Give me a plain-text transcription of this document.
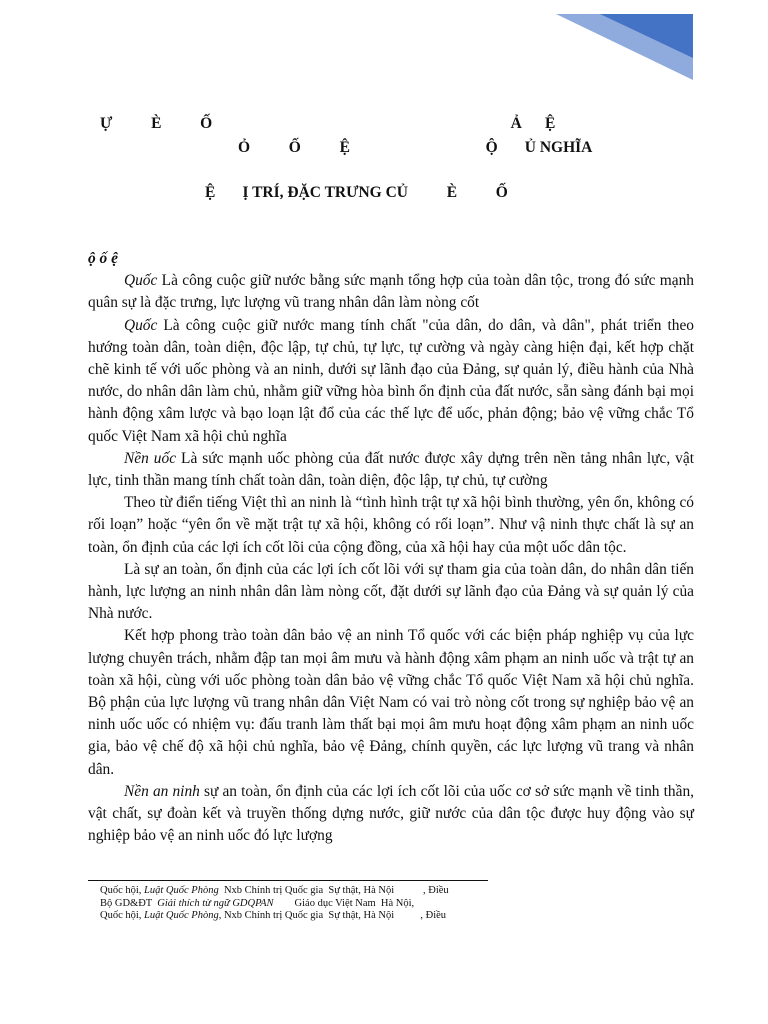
Ự          È          Ố                                                                             Ả      Ệ
Ỏ          Ố          Ệ                                   Ộ       Ủ NGHĨA
Ệ       Ị TRÍ, ĐẶC TRƯNG CỦ          È          Ố

ộ ố ệ

Quốc Là công cuộc giữ nước bằng sức mạnh tổng hợp của toàn dân tộc, trong đó sức mạnh quân sự là đặc trưng, lực lượng vũ trang nhân dân làm nòng cốt

Quốc Là công cuộc giữ nước mang tính chất "của dân, do dân, và dân", phát triển theo hướng toàn dân, toàn diện, độc lập, tự chủ, tự lực, tự cường và ngày càng hiện đại, kết hợp chặt chẽ kinh tế với uốc phòng và an ninh, dưới sự lãnh đạo của Đảng, sự quản lý, điều hành của Nhà nước, do nhân dân làm chủ, nhằm giữ vững hòa bình ổn định của đất nước, sẵn sàng đánh bại mọi hành động xâm lược và bạo loạn lật đổ của các thế lực để uốc, phản động; bảo vệ vững chắc Tổ quốc Việt Nam xã hội chủ nghĩa

Nền uốc Là sức mạnh uốc phòng của đất nước được xây dựng trên nền tảng nhân lực, vật lực, tinh thần mang tính chất toàn dân, toàn diện, độc lập, tự chủ, tự cường

Theo từ điển tiếng Việt thì an ninh là “tình hình trật tự xã hội bình thường, yên ổn, không có rối loạn” hoặc “yên ổn về mặt trật tự xã hội, không có rối loạn”. Như vậ ninh thực chất là sự an toàn, ổn định của các lợi ích cốt lõi của cộng đồng, của xã hội hay của một uốc dân tộc.

Là sự an toàn, ổn định của các lợi ích cốt lõi với sự tham gia của toàn dân, do nhân dân tiến hành, lực lượng an ninh nhân dân làm nòng cốt, đặt dưới sự lãnh đạo của Đảng và sự quản lý của Nhà nước.

Kết hợp phong trào toàn dân bảo vệ an ninh Tổ quốc với các biện pháp nghiệp vụ của lực lượng chuyên trách, nhằm đập tan mọi âm mưu và hành động xâm phạm an ninh uốc và trật tự an toàn xã hội, cùng với uốc phòng toàn dân bảo vệ vững chắc Tổ quốc Việt Nam xã hội chủ nghĩa. Bộ phận của lực lượng vũ trang nhân dân Việt Nam có vai trò nòng cốt trong sự nghiệp bảo vệ an ninh uốc uốc có nhiệm vụ: đấu tranh làm thất bại mọi âm mưu hoạt động xâm phạm an ninh uốc gia, bảo vệ chế độ xã hội chủ nghĩa, bảo vệ Đảng, chính quyền, các lực lượng vũ trang và nhân dân.

Nền an ninh sự an toàn, ổn định của các lợi ích cốt lõi của uốc cơ sở sức mạnh về tinh thần, vật chất, sự đoàn kết và truyền thống dựng nước, giữ nước của dân tộc được huy động vào sự nghiệp bảo vệ an ninh uốc đó lực lượng

Quốc hội, Luật Quốc Phòng  Nxb Chính trị Quốc gia  Sự thật, Hà Nội           , Điều
Bộ GD&ĐT  Giải thích từ ngữ GDQPAN        Giáo dục Việt Nam  Hà Nội,
Quốc hội, Luật Quốc Phòng, Nxb Chính trị Quốc gia  Sự thật, Hà Nội          , Điều
